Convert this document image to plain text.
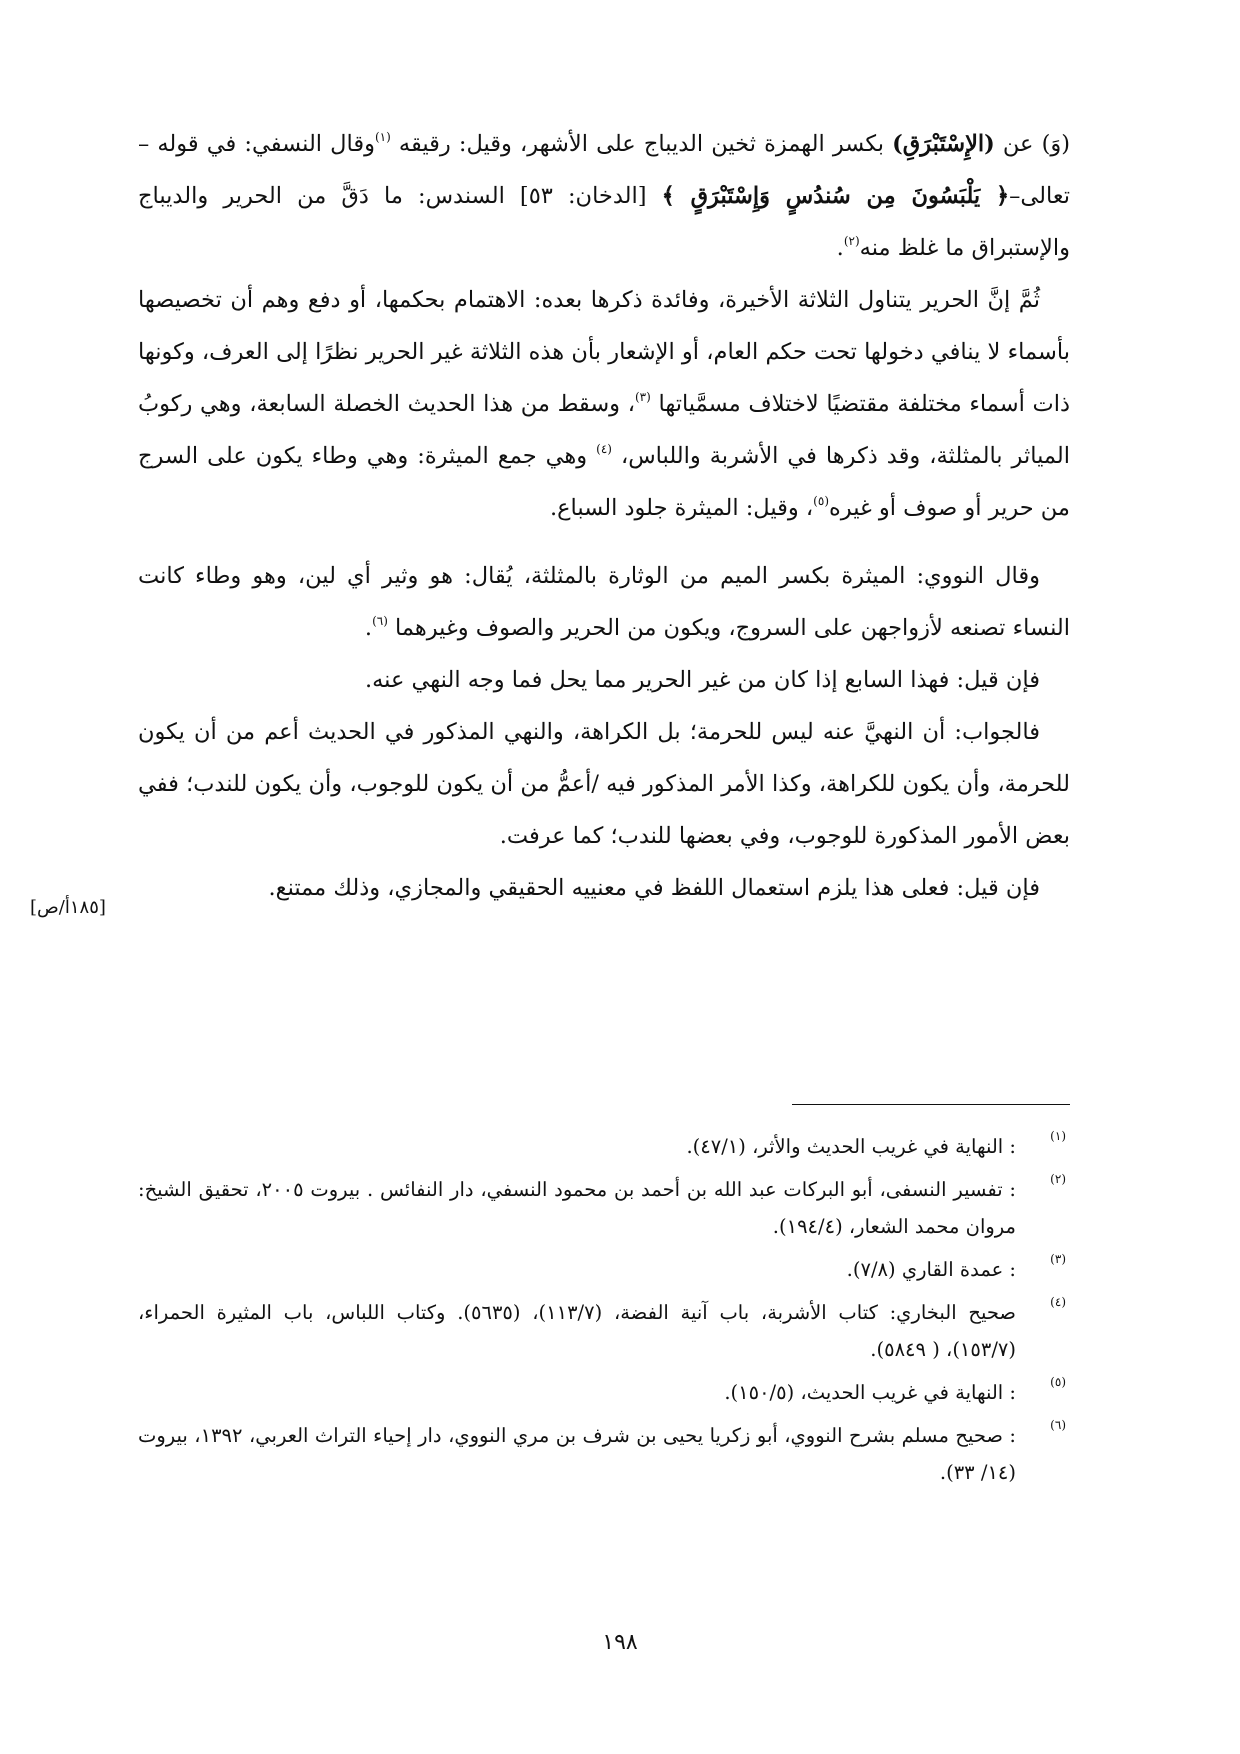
(وَ) عن (الإِسْتَبْرَقِ) بكسر الهمزة ثخين الديباج على الأشهر، وقيل: رقيقه $^{(١)}$وقال النسفي: في قوله –تعالى–﴿ يَلْبَسُونَ مِن سُندُسٍ وَإِسْتَبْرَقٍ ﴾ [الدخان: ٥٣] السندس: ما دَقَّ من الحرير والديباج والإستبراق ما غلظ منه$^{(٢)}$.

ثُمَّ إنَّ الحرير يتناول الثلاثة الأخيرة، وفائدة ذكرها بعده: الاهتمام بحكمها، أو دفع وهم أن تخصيصها بأسماء لا ينافي دخولها تحت حكم العام، أو الإشعار بأن هذه الثلاثة غير الحرير نظرًا إلى العرف، وكونها ذات أسماء مختلفة مقتضيًا لاختلاف مسمَّياتها $^{(٣)}$، وسقط من هذا الحديث الخصلة السابعة، وهي ركوبُ المياثر بالمثلثة، وقد ذكرها في الأشربة واللباس، $^{(٤)}$ وهي جمع الميثرة: وهي وطاء يكون على السرج من حرير أو صوف أو غيره$^{(٥)}$، وقيل: الميثرة جلود السباع.

وقال النووي: الميثرة بكسر الميم من الوثارة بالمثلثة، يُقال: هو وثير أي لين، وهو وطاء كانت النساء تصنعه لأزواجهن على السروج، ويكون من الحرير والصوف وغيرهما $^{(٦)}$.

فإن قيل: فهذا السابع إذا كان من غير الحرير مما يحل فما وجه النهي عنه.

فالجواب: أن النهيَّ عنه ليس للحرمة؛ بل الكراهة، والنهي المذكور في الحديث أعم من أن يكون للحرمة، وأن يكون للكراهة، وكذا الأمر المذكور فيه /أعمُّ من أن يكون للوجوب، وأن يكون للندب؛ ففي بعض الأمور المذكورة للوجوب، وفي بعضها للندب؛ كما عرفت.

فإن قيل: فعلى هذا يلزم استعمال اللفظ في معنييه الحقيقي والمجازي، وذلك ممتنع.

[١٨٥أ/ص]
(١)
: النهاية في غريب الحديث والأثر، (٤٧/١).
(٢)
: تفسير النسفى، أبو البركات عبد الله بن أحمد بن محمود النسفي، دار النفائس . بيروت ٢٠٠٥، تحقيق الشيخ: مروان محمد الشعار، (١٩٤/٤).
(٣)
: عمدة القاري (٧/٨).
(٤)
صحيح البخاري: كتاب الأشربة، باب آنية الفضة، (١١٣/٧)، (٥٦٣٥). وكتاب اللباس، باب المثيرة الحمراء، (١٥٣/٧)، ( ٥٨٤٩).
(٥)
: النهاية في غريب الحديث، (١٥٠/٥).
(٦)
: صحيح مسلم بشرح النووي، أبو زكريا يحيى بن شرف بن مري النووي، دار إحياء التراث العربي، ١٣٩٢، بيروت (١٤/ ٣٣).
١٩٨
